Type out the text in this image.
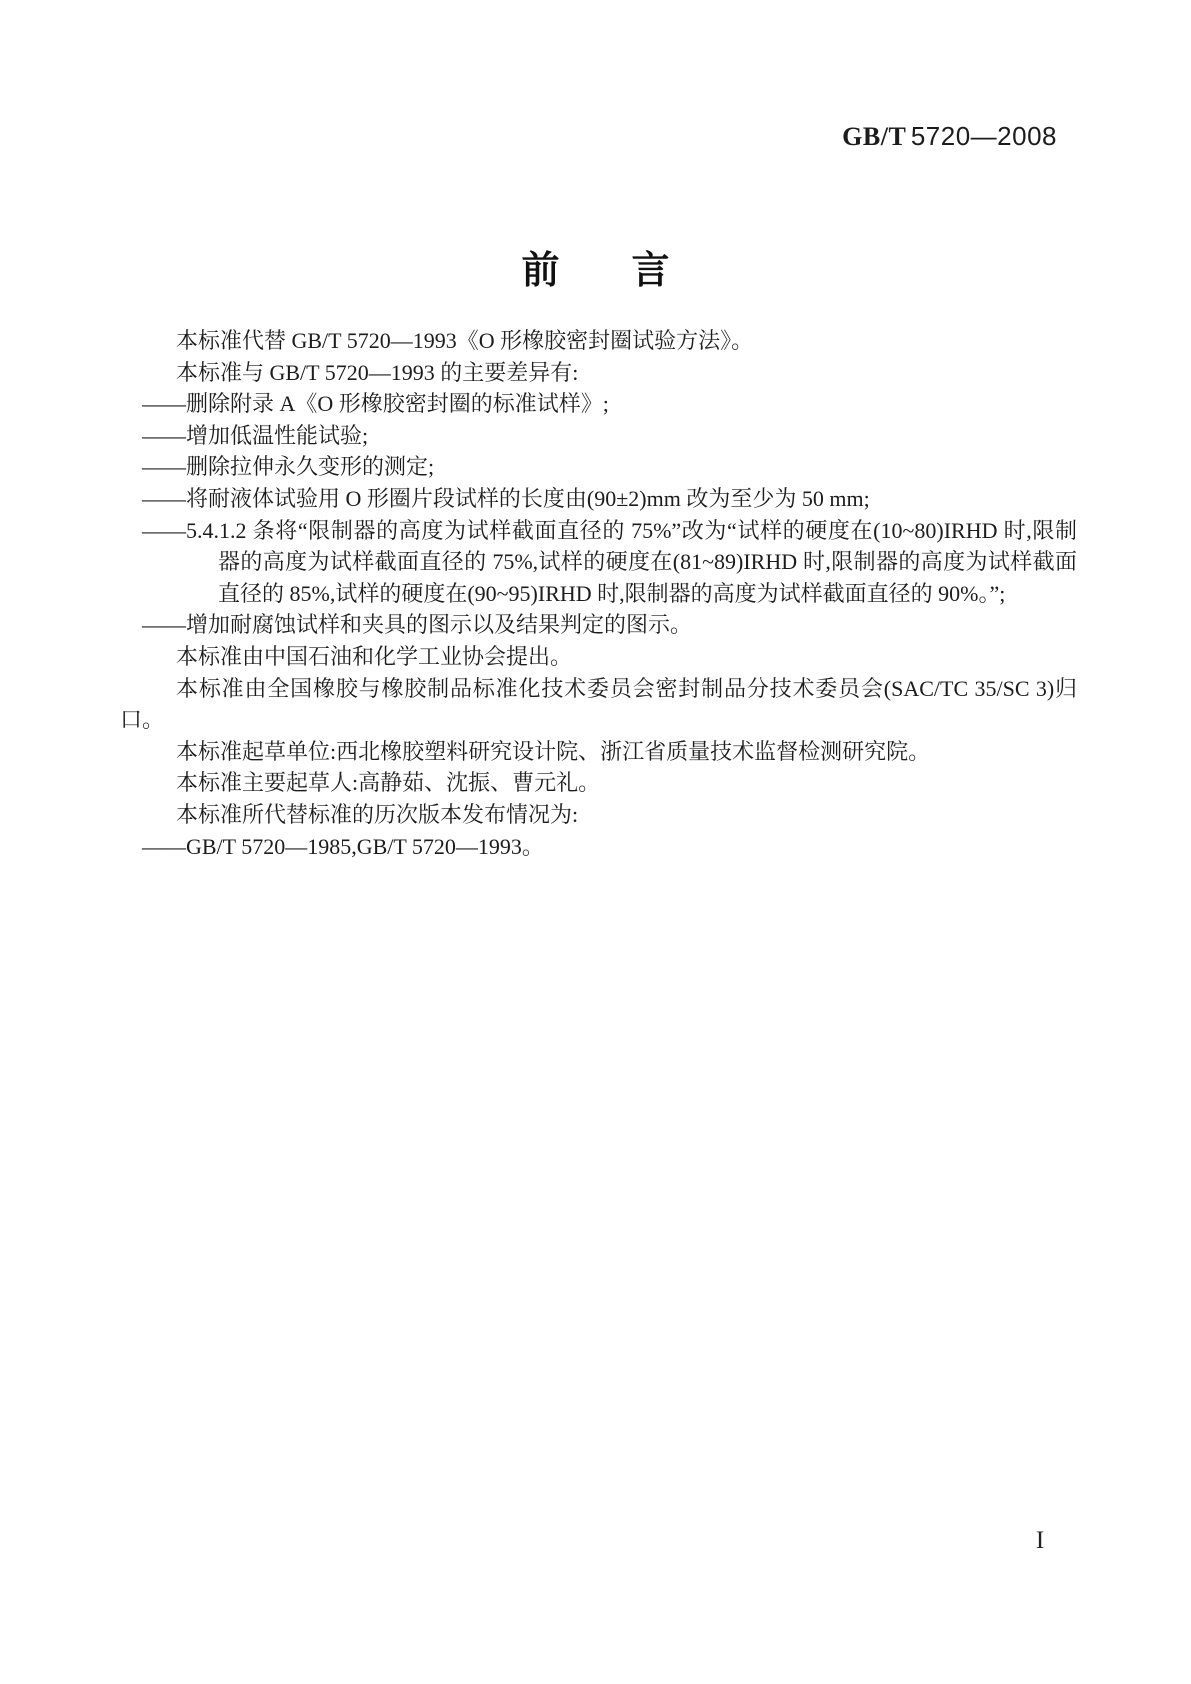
GB/T 5720—2008
前 言

本标准代替 GB/T 5720—1993《O 形橡胶密封圈试验方法》。

本标准与 GB/T 5720—1993 的主要差异有:

——删除附录 A《O 形橡胶密封圈的标准试样》;

——增加低温性能试验;

——删除拉伸永久变形的测定;

——将耐液体试验用 O 形圈片段试样的长度由(90±2)mm 改为至少为 50 mm;

——5.4.1.2 条将“限制器的高度为试样截面直径的 75%”改为“试样的硬度在(10~80)IRHD 时,限制器的高度为试样截面直径的 75%,试样的硬度在(81~89)IRHD 时,限制器的高度为试样截面直径的 85%,试样的硬度在(90~95)IRHD 时,限制器的高度为试样截面直径的 90%。”;

——增加耐腐蚀试样和夹具的图示以及结果判定的图示。

本标准由中国石油和化学工业协会提出。

本标准由全国橡胶与橡胶制品标准化技术委员会密封制品分技术委员会(SAC/TC 35/SC 3)归口。

本标准起草单位:西北橡胶塑料研究设计院、浙江省质量技术监督检测研究院。

本标准主要起草人:高静茹、沈振、曹元礼。

本标准所代替标准的历次版本发布情况为:

——GB/T 5720—1985,GB/T 5720—1993。

I
